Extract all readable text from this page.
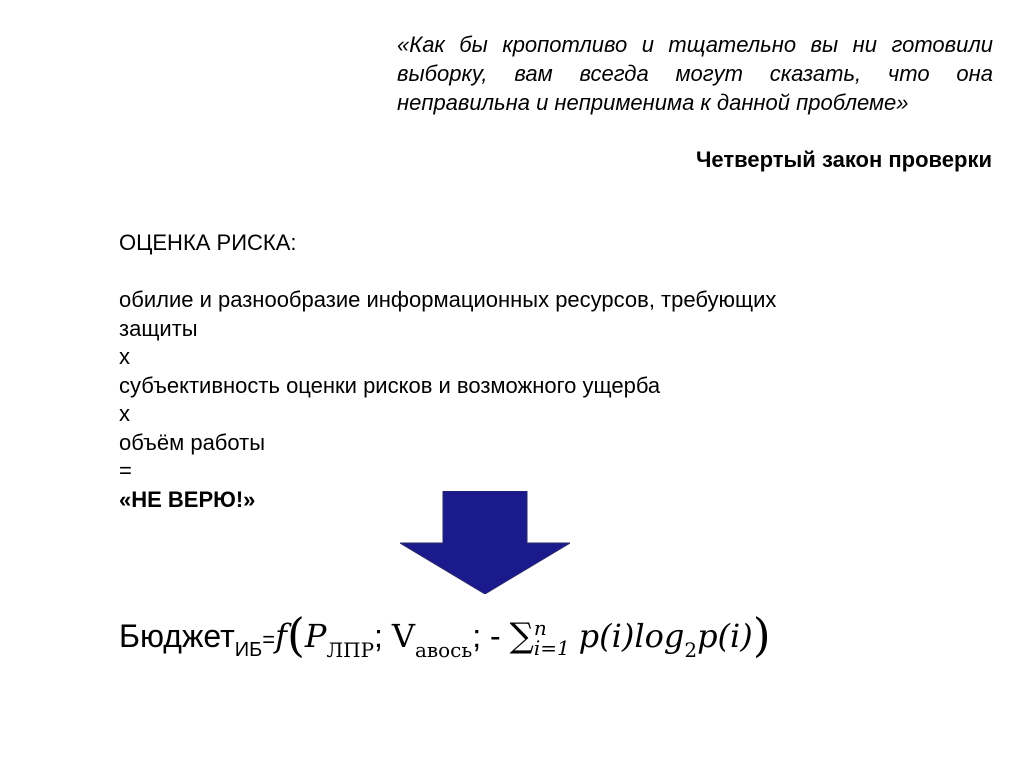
«Как бы кропотливо и тщательно вы ни готовили выборку, вам всегда могут сказать, что она неправильна и неприменима к данной проблеме»
Четвертый закон проверки
ОЦЕНКА РИСКА:
обилие и разнообразие информационных ресурсов, требующих
защиты
х
субъективность оценки рисков и возможного ущерба
х
объём работы
=
«НЕ ВЕРЮ!»
$Бюджет_{ИБ}=f(P_{ЛПР}$; $V_{авось}$; - ∑ n
i=1 $p(i)\log_2p(i)$)
